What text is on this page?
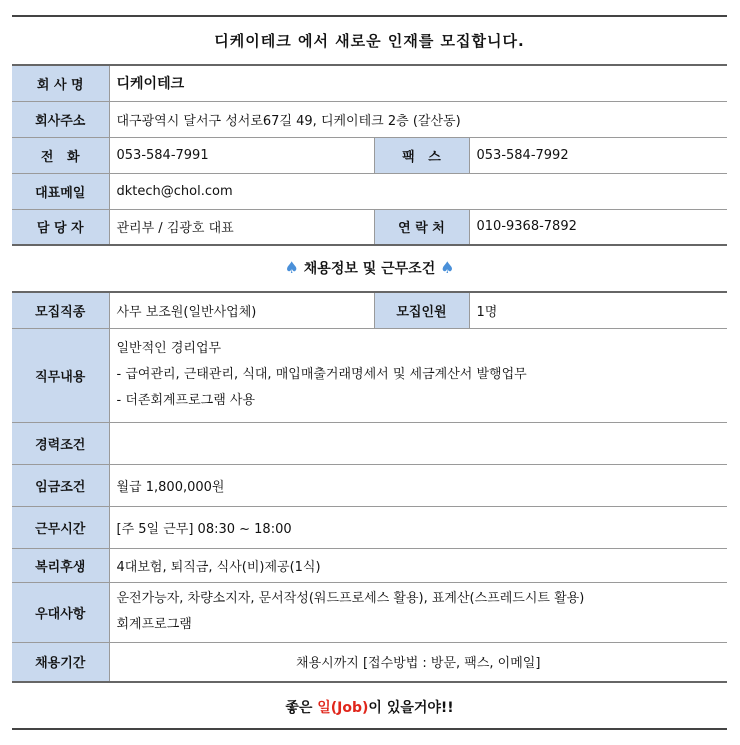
디케이테크 에서 새로운 인재를 모집합니다.
회 사 명	디케이테크		
회사주소	대구광역시 달서구 성서로67길 49, 디케이테크 2층 (갈산동)		
전   화	053-584-7991	팩   스	053-584-7992
대표메일	dktech@chol.com		
담 당 자	관리부 / 김광호 대표	연 락 처	010-9368-7892
♠ 채용정보 및 근무조건 ♠
모집직종	사무 보조원(일반사업체)	모집인원	1명
직무내용	일반적인 경리업무
- 급여관리, 근태관리, 식대, 매입매출거래명세서 및 세금계산서 발행업무
- 더존회계프로그램 사용		

경력조건			
임금조건	월급 1,800,000원		
근무시간	[주 5일 근무] 08:30 ~ 18:00		
복리후생	4대보험, 퇴직금, 식사(비)제공(1식)		
우대사항	운전가능자, 차량소지자, 문서작성(워드프로세스 활용), 표계산(스프레드시트 활용)
회계프로그램		

채용기간	채용시까지 [접수방법 : 방문, 팩스, 이메일]		
좋은 일(Job)이 있을거야!!
